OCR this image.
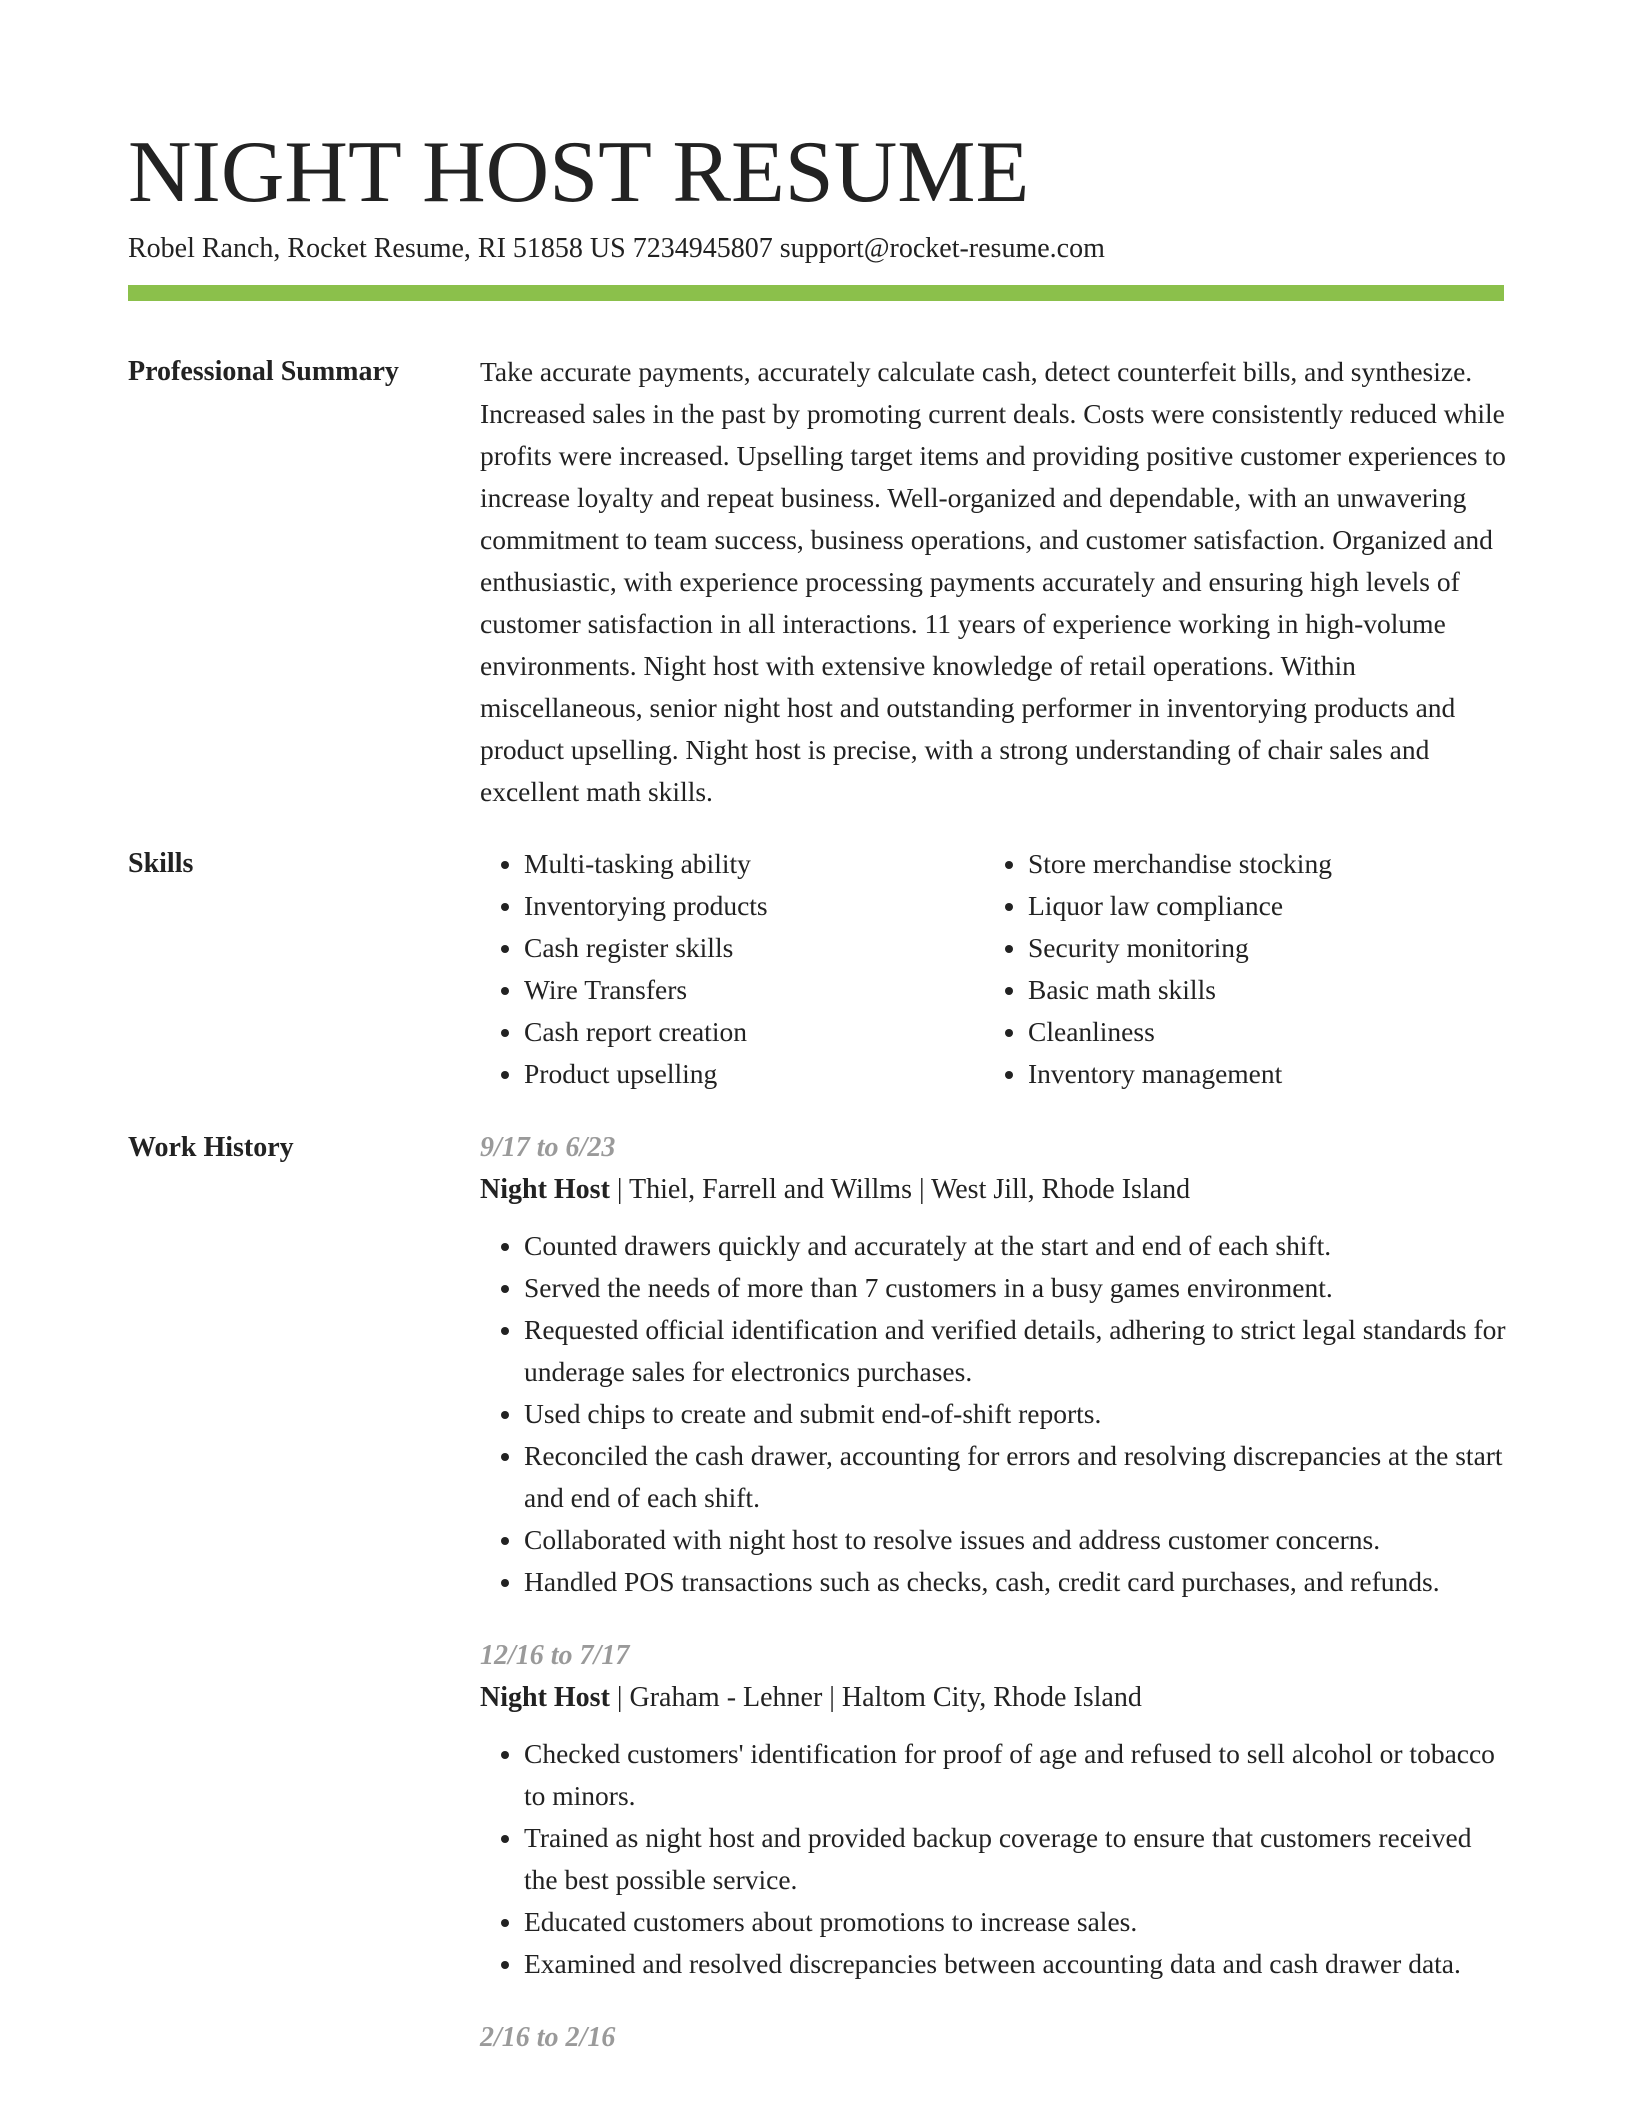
NIGHT HOST RESUME
Robel Ranch, Rocket Resume, RI 51858 US 7234945807 support@rocket-resume.com
Professional Summary	Take accurate payments, accurately calculate cash, detect counterfeit bills, and synthesize. Increased sales in the past by promoting current deals. Costs were consistently reduced while profits were increased. Upselling target items and providing positive customer experiences to increase loyalty and repeat business. Well-organized and dependable, with an unwavering commitment to team success, business operations, and customer satisfaction. Organized and enthusiastic, with experience processing payments accurately and ensuring high levels of customer satisfaction in all interactions. 11 years of experience working in high-volume environments. Night host with extensive knowledge of retail operations. Within miscellaneous, senior night host and outstanding performer in inventorying products and product upselling. Night host is precise, with a strong understanding of chair sales and excellent math skills.

Skills
•	Multi-tasking ability
• Inventorying products
• Cash register skills
• Wire Transfers
• Cash report creation
• Product upselling
• Store merchandise stocking
• Liquor law compliance
• Security monitoring
• Basic math skills
• Cleanliness
• Inventory management
Work History	9/17 to 6/23
Night Host | Thiel, Farrell and Willms | West Jill, Rhode Island
• Counted drawers quickly and accurately at the start and end of each shift.
• Served the needs of more than 7 customers in a busy games environment.
• Requested official identification and verified details, adhering to strict legal standards for underage sales for electronics purchases.
• Used chips to create and submit end-of-shift reports.
• Reconciled the cash drawer, accounting for errors and resolving discrepancies at the start and end of each shift.
• Collaborated with night host to resolve issues and address customer concerns.
• Handled POS transactions such as checks, cash, credit card purchases, and refunds.
12/16 to 7/17
Night Host | Graham - Lehner | Haltom City, Rhode Island
• Checked customers' identification for proof of age and refused to sell alcohol or tobacco to minors.
• Trained as night host and provided backup coverage to ensure that customers received the best possible service.
• Educated customers about promotions to increase sales.
• Examined and resolved discrepancies between accounting data and cash drawer data.
2/16 to 2/16
